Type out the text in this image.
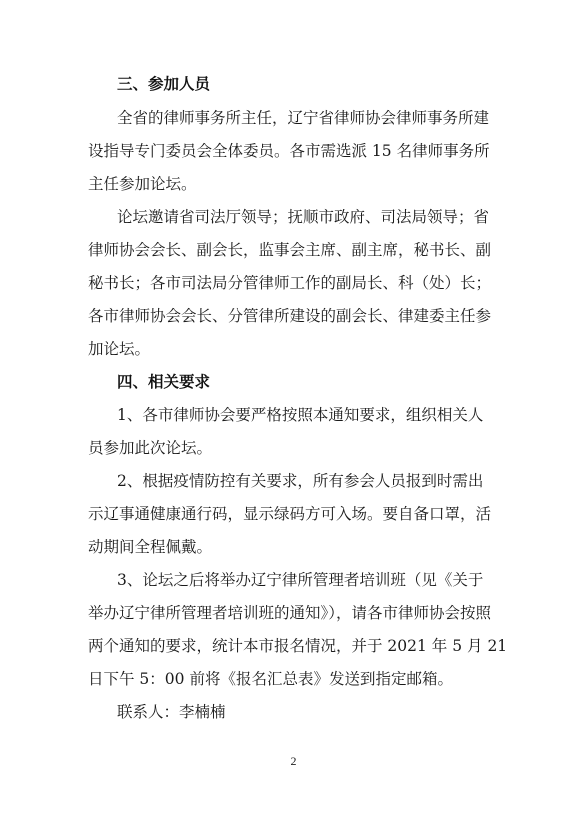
三、参加人员
全省的律师事务所主任，辽宁省律师协会律师事务所建
设指导专门委员会全体委员。各市需选派 15 名律师事务所
主任参加论坛。
论坛邀请省司法厅领导；抚顺市政府、司法局领导；省
律师协会会长、副会长，监事会主席、副主席，秘书长、副
秘书长；各市司法局分管律师工作的副局长、科（处）长；
各市律师协会会长、分管律所建设的副会长、律建委主任参
加论坛。
四、相关要求
1、各市律师协会要严格按照本通知要求，组织相关人
员参加此次论坛。
2、根据疫情防控有关要求，所有参会人员报到时需出
示辽事通健康通行码，显示绿码方可入场。要自备口罩，活
动期间全程佩戴。
3、论坛之后将举办辽宁律所管理者培训班（见《关于
举办辽宁律所管理者培训班的通知》），请各市律师协会按照
两个通知的要求，统计本市报名情况，并于 2021 年 5 月 21
日下午 5：00 前将《报名汇总表》发送到指定邮箱。
联系人：李楠楠
2
